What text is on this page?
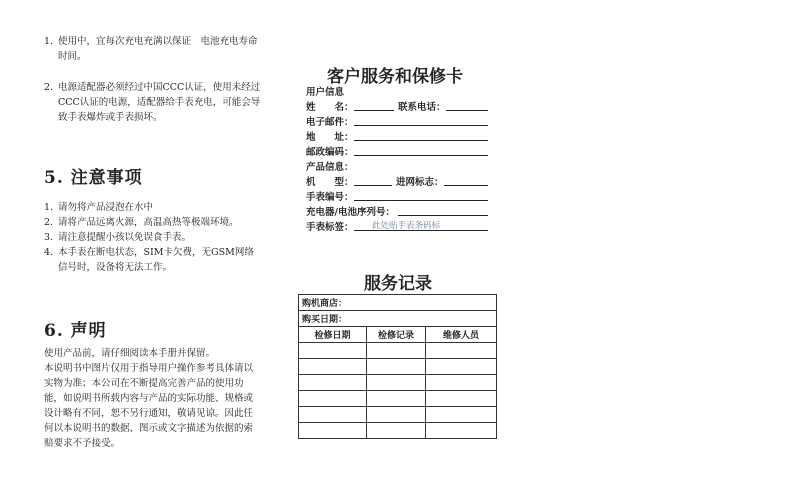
1. 使用中，宜每次充电充满以保证　电池充电寿命时间。
2. 电源适配器必须经过中国CCC认证，使用未经过CCC认证的电源，适配器给手表充电，可能会导致手表爆炸或手表损坏。
5. 注意事项
1. 请勿将产品浸泡在水中
2. 请将产品远离火源，高温高热等极端环境。
3. 请注意提醒小孩以免误食手表。
4. 本手表在断电状态，SIM卡欠费，无GSM网络信号时，设备将无法工作。
6. 声明
使用产品前，请仔细阅读本手册并保留。
本说明书中图片仅用于指导用户操作参考具体请以实物为准；本公司在不断提高完善产品的使用功能，如说明书所载内容与产品的实际功能、规格或设计略有不同，恕不另行通知，敬请见谅。因此任何以本说明书的数据、图示或文字描述为依据的索赔要求不予接受。
客户服务和保修卡
用户信息
姓　　名：	联系电话：
电子邮件：
地　　址：
邮政编码：
产品信息：
机　　型：	进网标志：
手表编号：
充电器/电池序列号：
手表标签： 此处贴手表条码标
服务记录
购机商店：		
购买日期：		
检修日期	检修记录	维修人员
